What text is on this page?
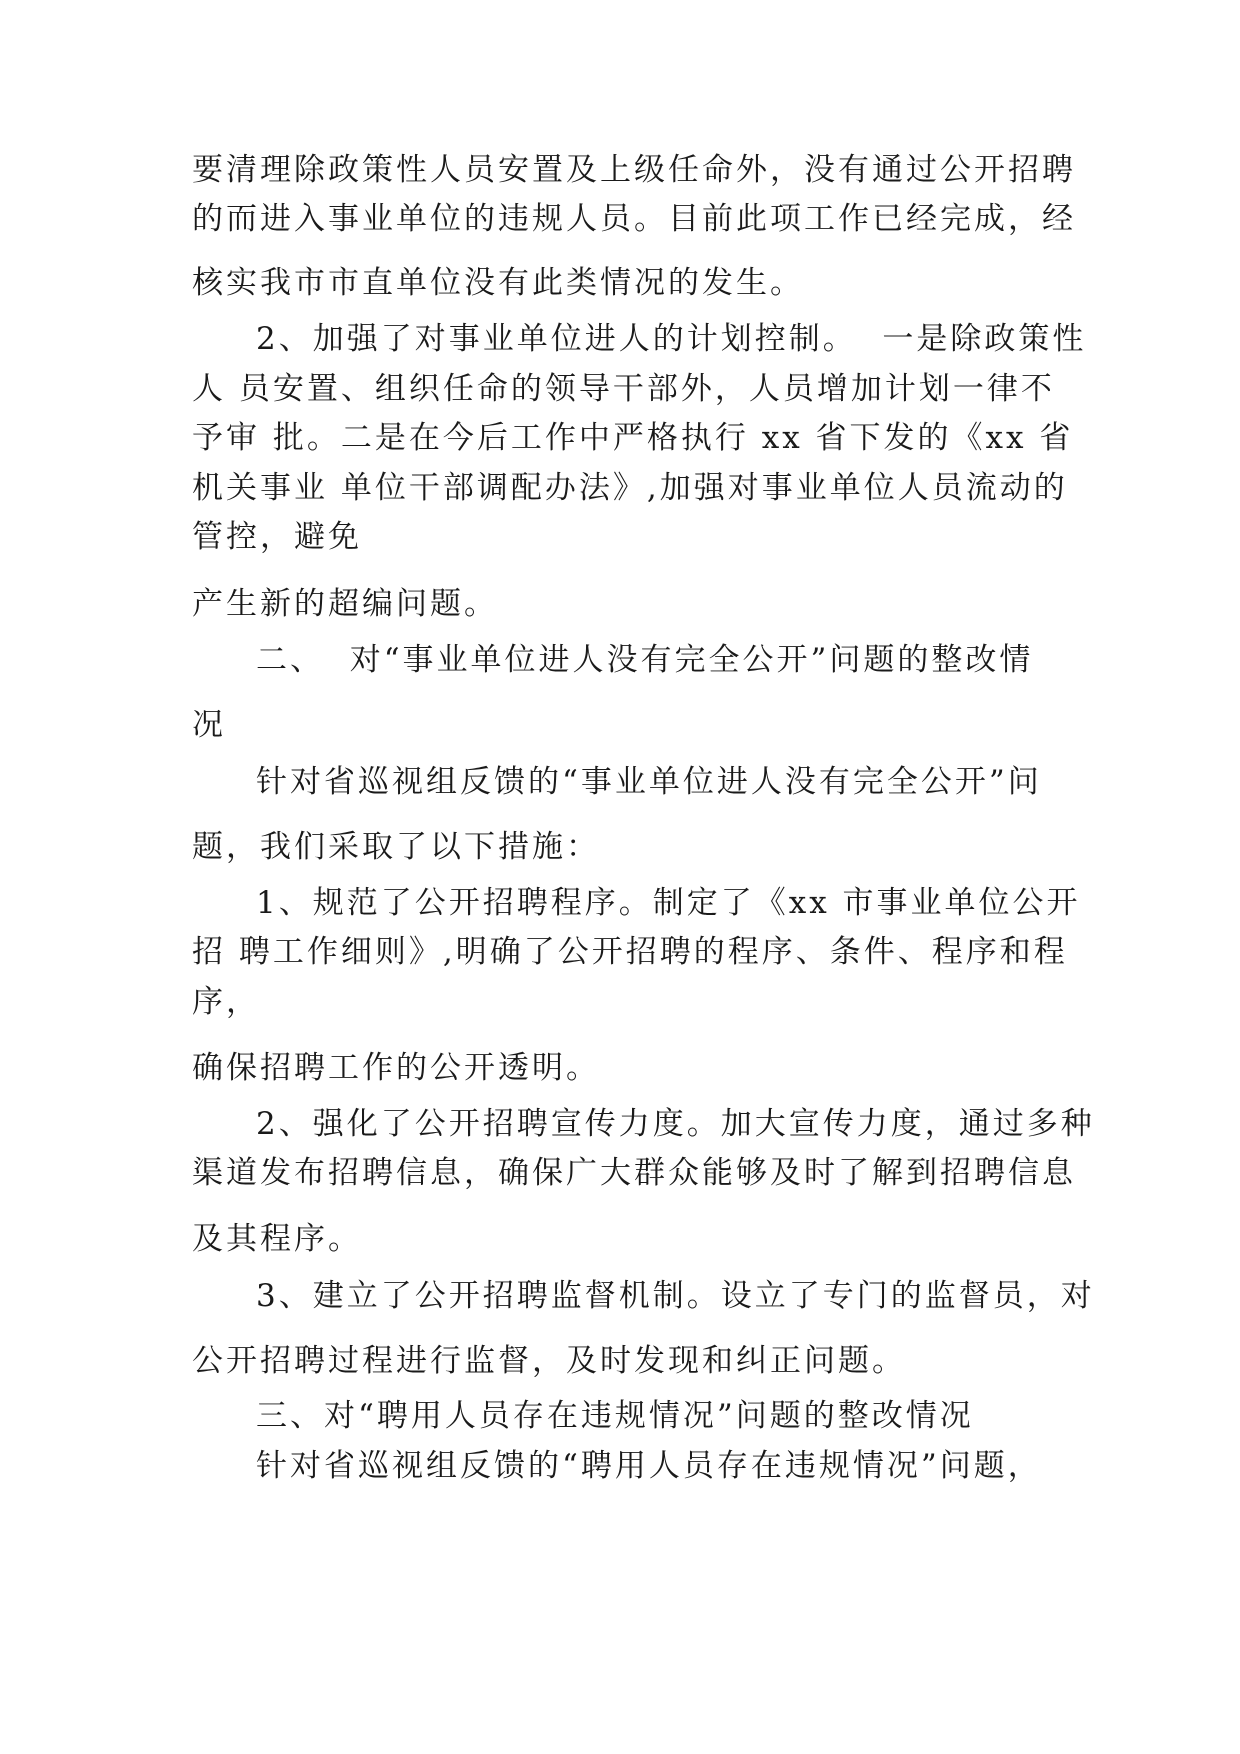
要清理除政策性人员安置及上级任命外，没有通过公开招聘
的而进入事业单位的违规人员。目前此项工作已经完成，经
核实我市市直单位没有此类情况的发生。
2、加强了对事业单位进人的计划控制。  一是除政策性
人 员安置、组织任命的领导干部外，人员增加计划一律不
予审 批。二是在今后工作中严格执行 xx 省下发的《xx 省
机关事业 单位干部调配办法》,加强对事业单位人员流动的
管控，避免
产生新的超编问题。
二、  对“事业单位进人没有完全公开”问题的整改情
况
针对省巡视组反馈的“事业单位进人没有完全公开”问
题，我们采取了以下措施：
1、规范了公开招聘程序。制定了《xx 市事业单位公开
招 聘工作细则》,明确了公开招聘的程序、条件、程序和程
序，
确保招聘工作的公开透明。
2、强化了公开招聘宣传力度。加大宣传力度，通过多种
渠道发布招聘信息，确保广大群众能够及时了解到招聘信息
及其程序。
3、建立了公开招聘监督机制。设立了专门的监督员，对
公开招聘过程进行监督，及时发现和纠正问题。
三、对“聘用人员存在违规情况”问题的整改情况
针对省巡视组反馈的“聘用人员存在违规情况”问题，
